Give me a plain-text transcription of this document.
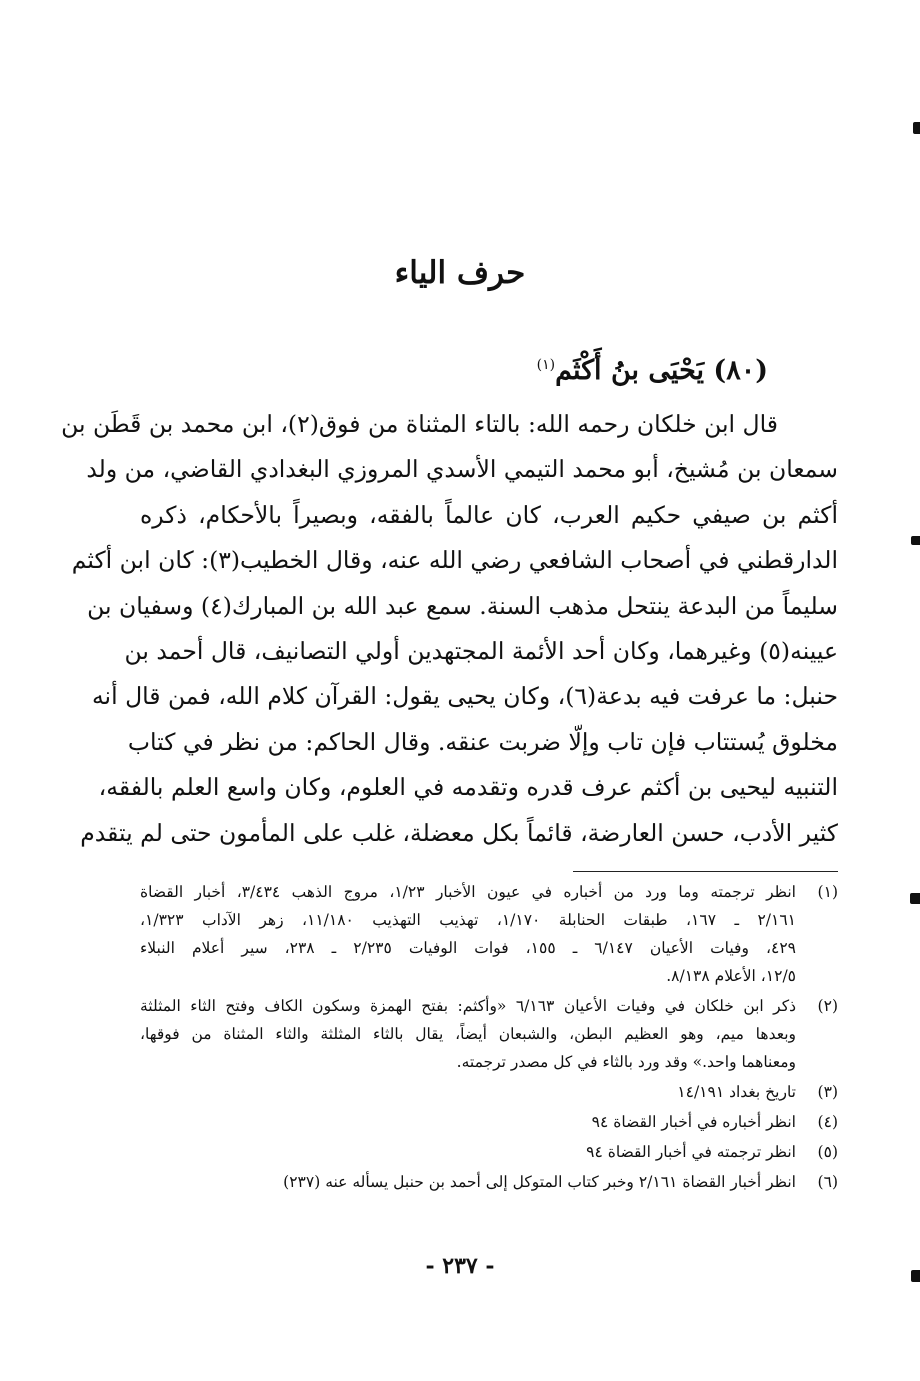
حرف الياء
(٨٠) يَحْيَى بنُ أَكْثَم$^{(١)}$
قال ابن خلكان رحمه الله: بالتاء المثناة من فوق(٢)، ابن محمد بن قَطَن بن
سمعان بن مُشيخ، أبو محمد التيمي الأسدي المروزي البغدادي القاضي، من ولد
أكثم بن صيفي حكيم العرب، كان عالماً بالفقه، وبصيراً بالأحكام، ذكره
الدارقطني في أصحاب الشافعي رضي الله عنه، وقال الخطيب(٣): كان ابن أكثم
سليماً من البدعة ينتحل مذهب السنة. سمع عبد الله بن المبارك(٤) وسفيان بن
عيينه(٥) وغيرهما، وكان أحد الأئمة المجتهدين أولي التصانيف، قال أحمد بن
حنبل: ما عرفت فيه بدعة(٦)، وكان يحيى يقول: القرآن كلام الله، فمن قال أنه
مخلوق يُستتاب فإن تاب وإلّا ضربت عنقه. وقال الحاكم: من نظر في كتاب
التنبيه ليحيى بن أكثم عرف قدره وتقدمه في العلوم، وكان واسع العلم بالفقه،
كثير الأدب، حسن العارضة، قائماً بكل معضلة، غلب على المأمون حتى لم يتقدم
(١)
انظر ترجمته وما ورد من أخباره في عيون الأخبار ١/٢٣، مروج الذهب ٣/٤٣٤، أخبار القضاة
٢/١٦١ ـ ١٦٧، طبقات الحنابلة ١/١٧٠، تهذيب التهذيب ١١/١٨٠، زهر الآداب ١/٣٢٣،
٤٢٩، وفيات الأعيان ٦/١٤٧ ـ ١٥٥، فوات الوفيات ٢/٢٣٥ ـ ٢٣٨، سير أعلام النبلاء
١٢/٥، الأعلام ٨/١٣٨.
(٢)
ذكر ابن خلكان في وفيات الأعيان ٦/١٦٣ «وأكثم: بفتح الهمزة وسكون الكاف وفتح الثاء المثلثة
وبعدها ميم، وهو العظيم البطن، والشبعان أيضاً، يقال بالثاء المثلثة والثاء المثناة من فوقها،
ومعناهما واحد.» وقد ورد بالثاء في كل مصدر ترجمته.
(٣)
تاريخ بغداد ١٤/١٩١
(٤)
انظر أخباره في أخبار القضاة ٩٤
(٥)
انظر ترجمته في أخبار القضاة ٩٤
(٦)
انظر أخبار القضاة ٢/١٦١ وخبر كتاب المتوكل إلى أحمد بن حنبل يسأله عنه (٢٣٧)
- ٢٣٧ -
